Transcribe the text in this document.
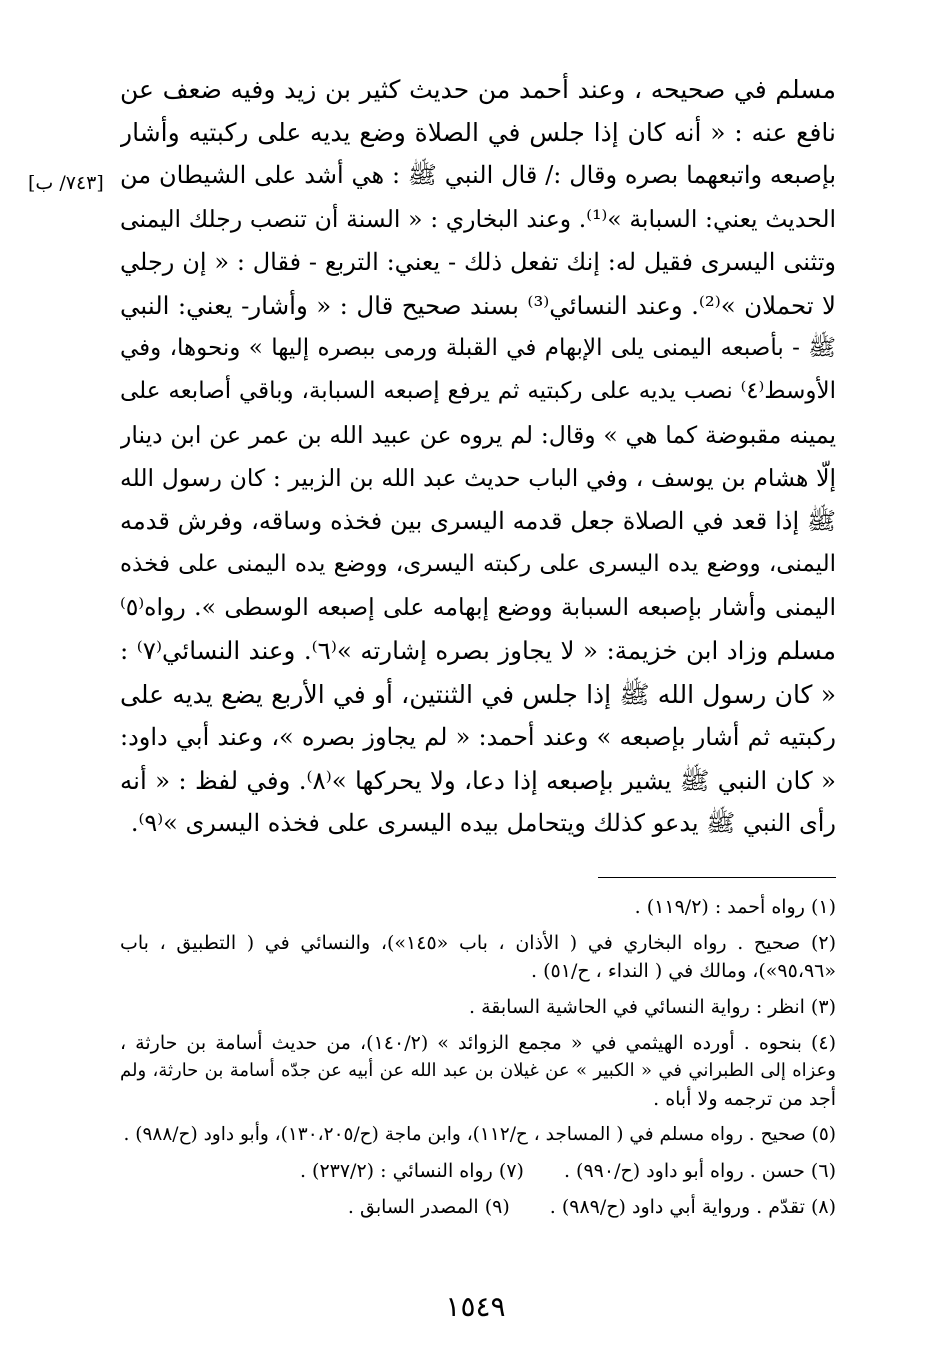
[٧٤٣/ ب]
مسلم في صحيحه ، وعند أحمد من حديث كثير بن زيد وفيه ضعف عن
نافع عنه : « أنه كان إذا جلس في الصلاة وضع يديه على ركبتيه وأشار
بإصبعه واتبعهما بصره وقال :/ قال النبي ﷺ : هي أشد على الشيطان من
الحديث يعني: السبابة »⁽¹⁾. وعند البخاري : « السنة أن تنصب رجلك اليمنى
وتثنى اليسرى فقيل له: إنك تفعل ذلك - يعني: التربع - فقال : « إن رجلي
لا تحملان »⁽²⁾. وعند النسائي⁽³⁾ بسند صحيح قال : « وأشار- يعني: النبي
ﷺ - بأصبعه اليمنى يلى الإبهام في القبلة ورمى ببصره إليها » ونحوها، وفي
الأوسط⁽٤⁾ نصب يديه على ركبتيه ثم يرفع إصبعه السبابة، وباقي أصابعه على
يمينه مقبوضة كما هي » وقال: لم يروه عن عبيد الله بن عمر عن ابن دينار
إلّا هشام بن يوسف ، وفي الباب حديث عبد الله بن الزبير : كان رسول الله
ﷺ إذا قعد في الصلاة جعل قدمه اليسرى بين فخذه وساقه، وفرش قدمه
اليمنى، ووضع يده اليسرى على ركبته اليسرى، ووضع يده اليمنى على فخذه
اليمنى وأشار بإصبعه السبابة ووضع إبهامه على إصبعه الوسطى ». رواه⁽٥⁾
مسلم وزاد ابن خزيمة: « لا يجاوز بصره إشارته »⁽٦⁾. وعند النسائي⁽٧⁾ :
« كان رسول الله ﷺ إذا جلس في الثنتين، أو في الأربع يضع يديه على
ركبتيه ثم أشار بإصبعه » وعند أحمد: « لم يجاوز بصره »، وعند أبي داود:
« كان النبي ﷺ يشير بإصبعه إذا دعا، ولا يحركها »⁽٨⁾. وفي لفظ : « أنه
رأى النبي ﷺ يدعو كذلك ويتحامل بيده اليسرى على فخذه اليسرى »⁽٩⁾.
(١) رواه أحمد : (١١٩/٢) .
(٢) صحيح . رواه البخاري في ( الأذان ، باب «١٤٥»)، والنسائي في ( التطبيق ، باب
«٩٥،٩٦»)، ومالك في ( النداء ، ح/٥١) .
(٣) انظر : رواية النسائي في الحاشية السابقة .
(٤) بنحوه . أورده الهيثمي في « مجمع الزوائد » (١٤٠/٢)، من حديث أسامة بن حارثة ،
وعزاه إلى الطبراني في « الكبير » عن غيلان بن عبد الله عن أبيه عن جدّه أسامة بن حارثة، ولم
أجد من ترجمه ولا أباه .
(٥) صحيح . رواه مسلم في ( المساجد ، ح/١١٢)، وابن ماجة (ح/١٣٠،٢٠٥)، وأبو داود (ح/٩٨٨) .
(٦) حسن . رواه أبو داود (ح/٩٩٠) .
(٧) رواه النسائي : (٢٣٧/٢) .
(٨) تقدّم . ورواية أبي داود (ح/٩٨٩) .
(٩) المصدر السابق .
١٥٤٩
